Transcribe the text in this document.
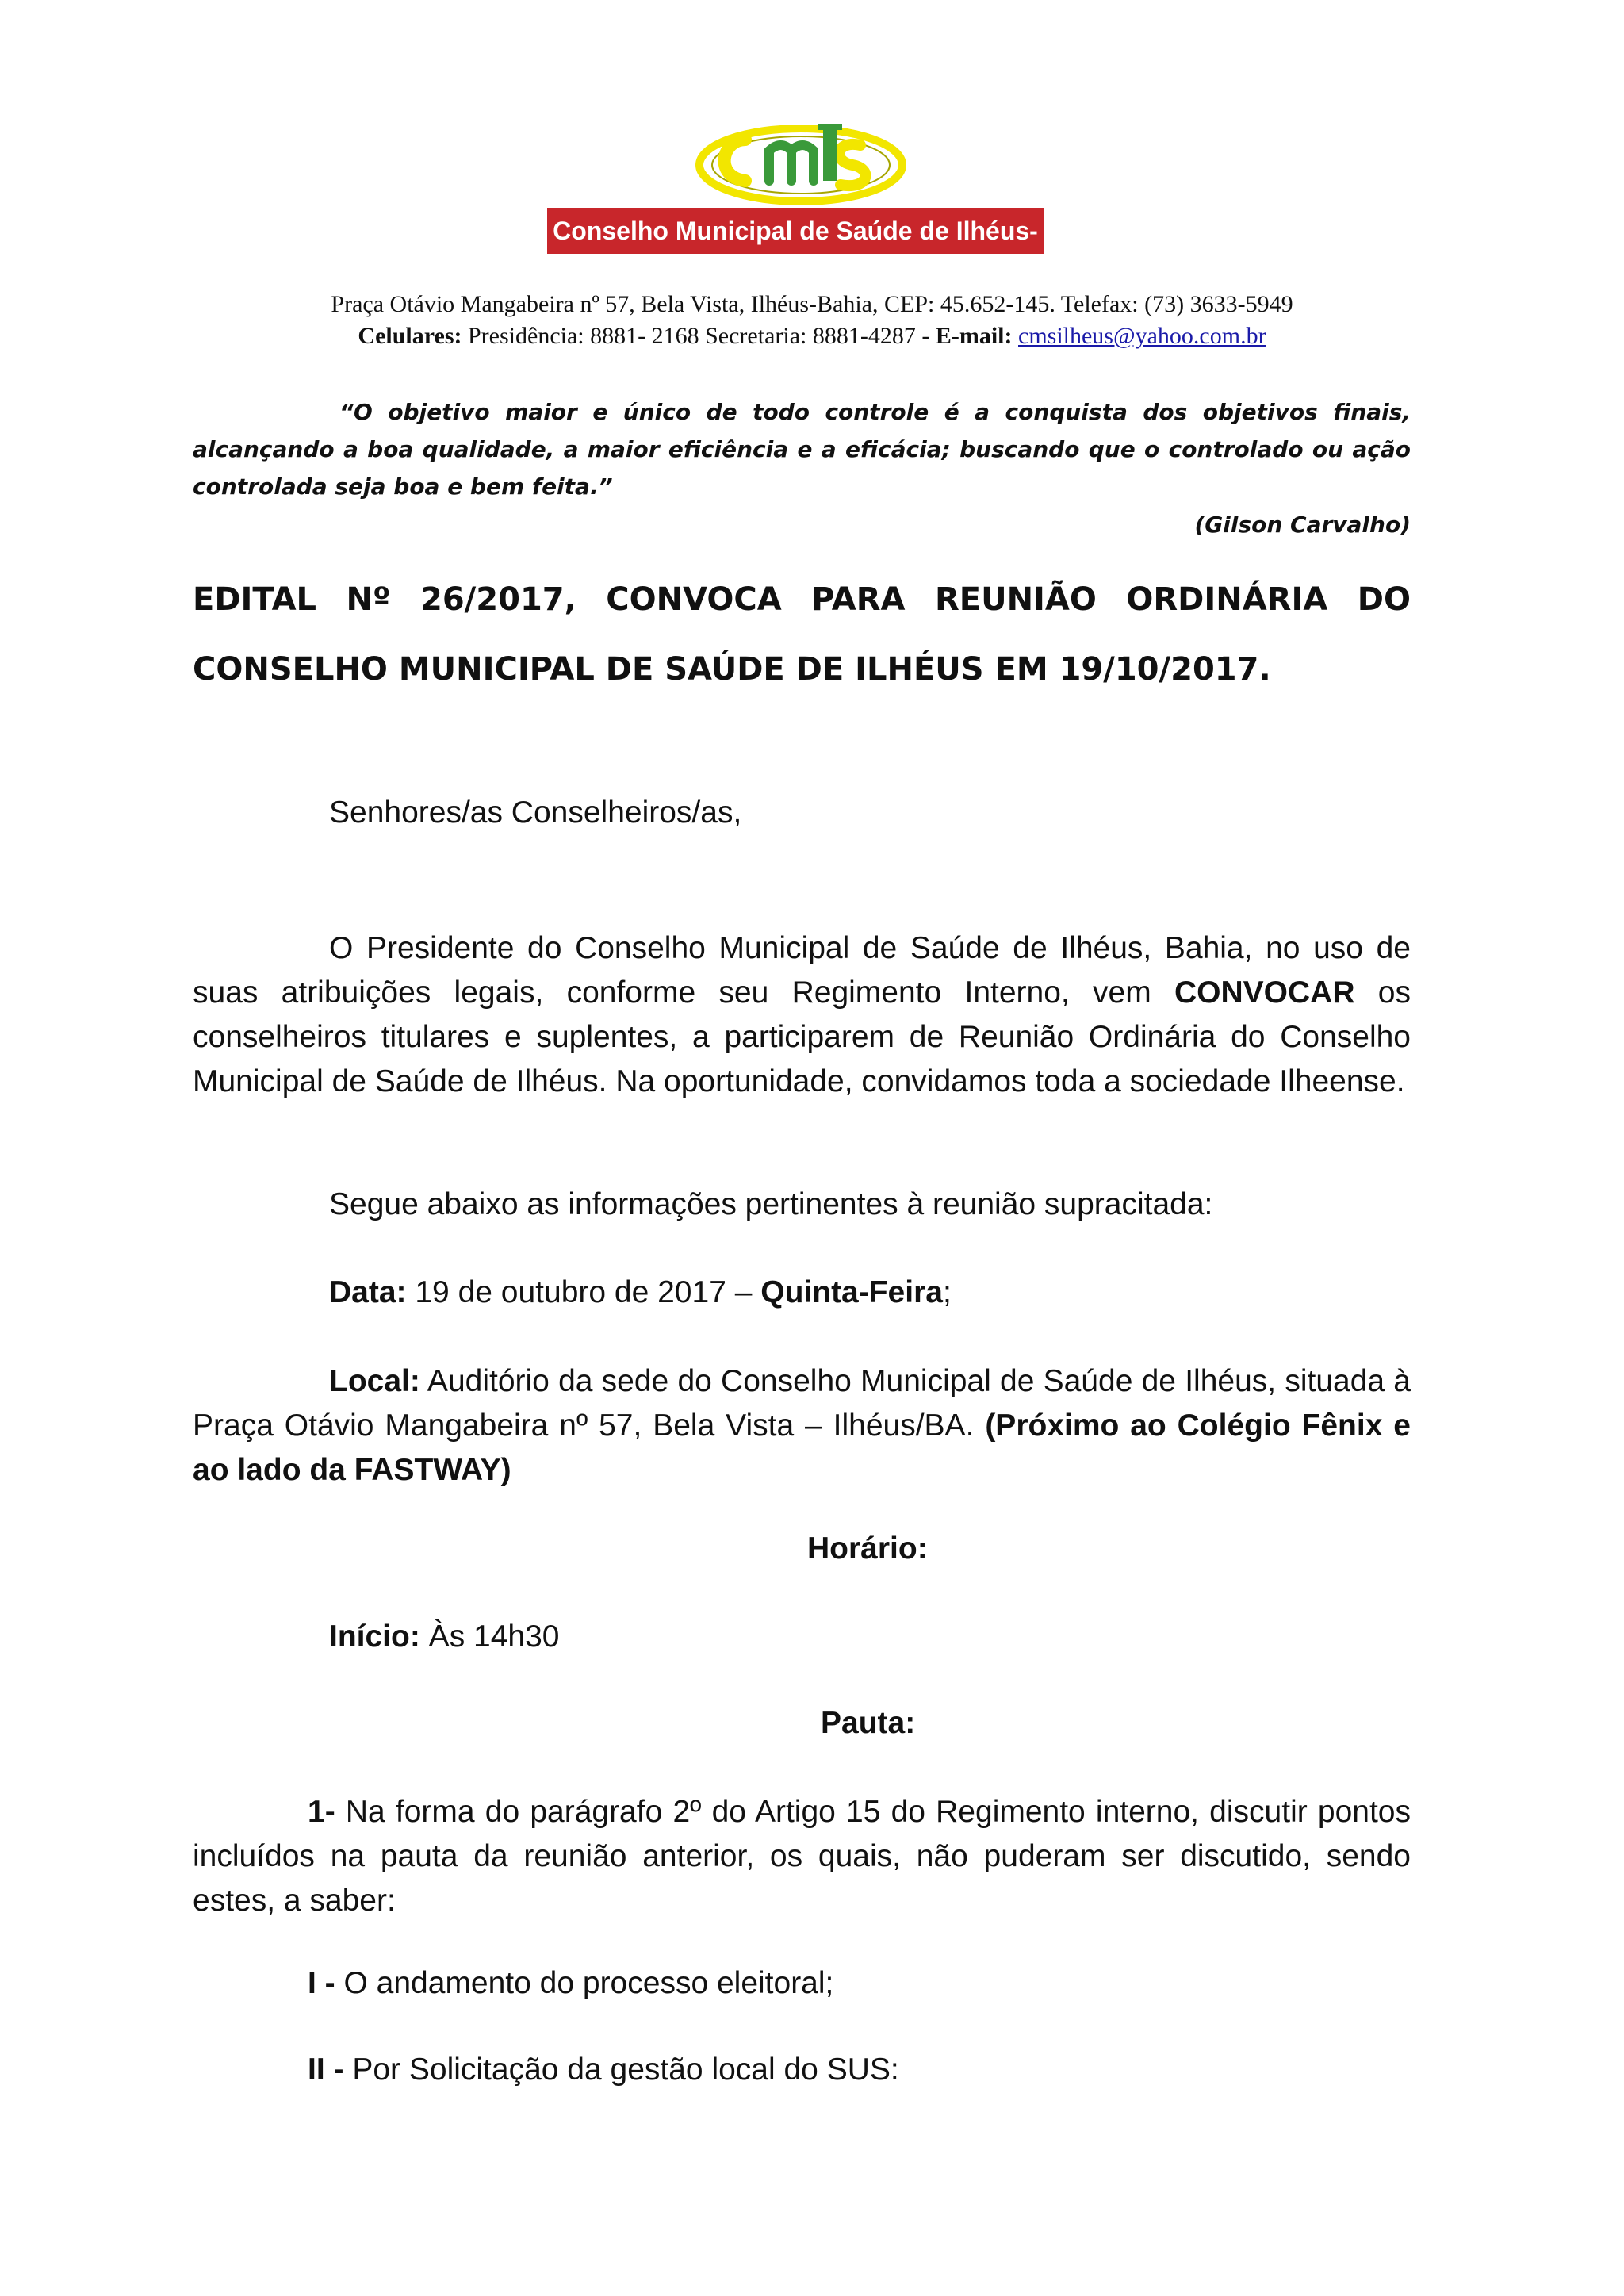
Conselho Municipal de Saúde de Ilhéus-Bahia
Praça Otávio Mangabeira nº 57, Bela Vista, Ilhéus-Bahia, CEP: 45.652-145. Telefax: (73) 3633-5949
Celulares: Presidência: 8881- 2168 Secretaria: 8881-4287 - E-mail: cmsilheus@yahoo.com.br
“O objetivo maior e único de todo controle é a conquista dos objetivos finais, alcançando a boa qualidade, a maior eficiência e a eficácia; buscando que o controlado ou ação controlada seja boa e bem feita.”
(Gilson Carvalho)
EDITAL Nº 26/2017, CONVOCA PARA REUNIÃO ORDINÁRIA DO CONSELHO MUNICIPAL DE SAÚDE DE ILHÉUS EM 19/10/2017.
Senhores/as Conselheiros/as,
O Presidente do Conselho Municipal de Saúde de Ilhéus, Bahia, no uso de suas atribuições legais, conforme seu Regimento Interno, vem CONVOCAR os conselheiros titulares e suplentes, a participarem de Reunião Ordinária do Conselho Municipal de Saúde de Ilhéus. Na oportunidade, convidamos toda a sociedade Ilheense.
Segue abaixo as informações pertinentes à reunião supracitada:
Data: 19 de outubro de 2017 – Quinta-Feira;
Local: Auditório da sede do Conselho Municipal de Saúde de Ilhéus, situada à Praça Otávio Mangabeira nº 57, Bela Vista – Ilhéus/BA. (Próximo ao Colégio Fênix e ao lado da FASTWAY)
Horário:
Início: Às 14h30
Pauta:
1- Na forma do parágrafo 2º do Artigo 15 do Regimento interno, discutir pontos incluídos na pauta da reunião anterior, os quais, não puderam ser discutido, sendo estes, a saber:
I - O andamento do processo eleitoral;
II - Por Solicitação da gestão local do SUS:
